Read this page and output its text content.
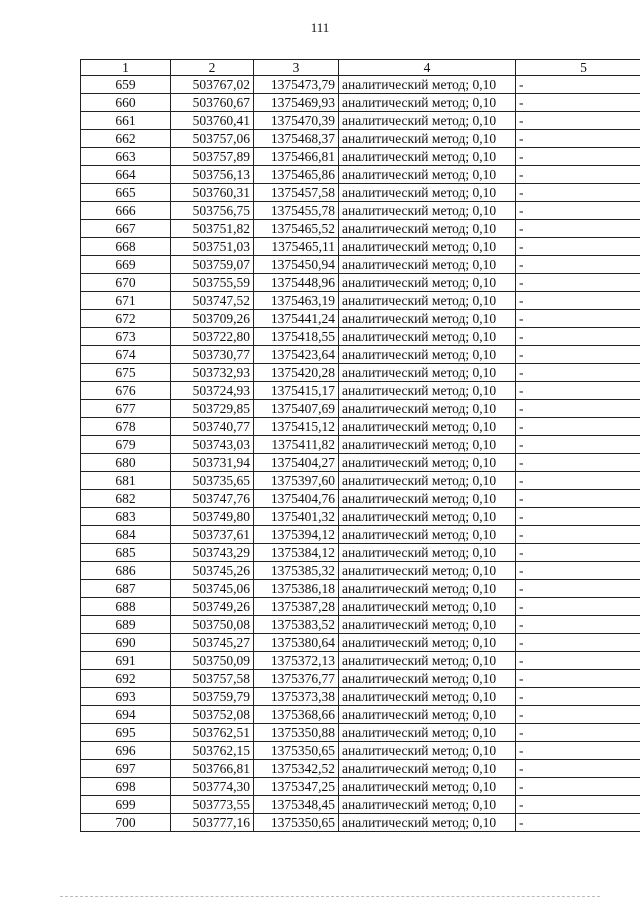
111
1	2	3	4	5
659	503767,02	1375473,79	аналитический метод; 0,10	-
660	503760,67	1375469,93	аналитический метод; 0,10	-
661	503760,41	1375470,39	аналитический метод; 0,10	-
662	503757,06	1375468,37	аналитический метод; 0,10	-
663	503757,89	1375466,81	аналитический метод; 0,10	-
664	503756,13	1375465,86	аналитический метод; 0,10	-
665	503760,31	1375457,58	аналитический метод; 0,10	-
666	503756,75	1375455,78	аналитический метод; 0,10	-
667	503751,82	1375465,52	аналитический метод; 0,10	-
668	503751,03	1375465,11	аналитический метод; 0,10	-
669	503759,07	1375450,94	аналитический метод; 0,10	-
670	503755,59	1375448,96	аналитический метод; 0,10	-
671	503747,52	1375463,19	аналитический метод; 0,10	-
672	503709,26	1375441,24	аналитический метод; 0,10	-
673	503722,80	1375418,55	аналитический метод; 0,10	-
674	503730,77	1375423,64	аналитический метод; 0,10	-
675	503732,93	1375420,28	аналитический метод; 0,10	-
676	503724,93	1375415,17	аналитический метод; 0,10	-
677	503729,85	1375407,69	аналитический метод; 0,10	-
678	503740,77	1375415,12	аналитический метод; 0,10	-
679	503743,03	1375411,82	аналитический метод; 0,10	-
680	503731,94	1375404,27	аналитический метод; 0,10	-
681	503735,65	1375397,60	аналитический метод; 0,10	-
682	503747,76	1375404,76	аналитический метод; 0,10	-
683	503749,80	1375401,32	аналитический метод; 0,10	-
684	503737,61	1375394,12	аналитический метод; 0,10	-
685	503743,29	1375384,12	аналитический метод; 0,10	-
686	503745,26	1375385,32	аналитический метод; 0,10	-
687	503745,06	1375386,18	аналитический метод; 0,10	-
688	503749,26	1375387,28	аналитический метод; 0,10	-
689	503750,08	1375383,52	аналитический метод; 0,10	-
690	503745,27	1375380,64	аналитический метод; 0,10	-
691	503750,09	1375372,13	аналитический метод; 0,10	-
692	503757,58	1375376,77	аналитический метод; 0,10	-
693	503759,79	1375373,38	аналитический метод; 0,10	-
694	503752,08	1375368,66	аналитический метод; 0,10	-
695	503762,51	1375350,88	аналитический метод; 0,10	-
696	503762,15	1375350,65	аналитический метод; 0,10	-
697	503766,81	1375342,52	аналитический метод; 0,10	-
698	503774,30	1375347,25	аналитический метод; 0,10	-
699	503773,55	1375348,45	аналитический метод; 0,10	-
700	503777,16	1375350,65	аналитический метод; 0,10	-
